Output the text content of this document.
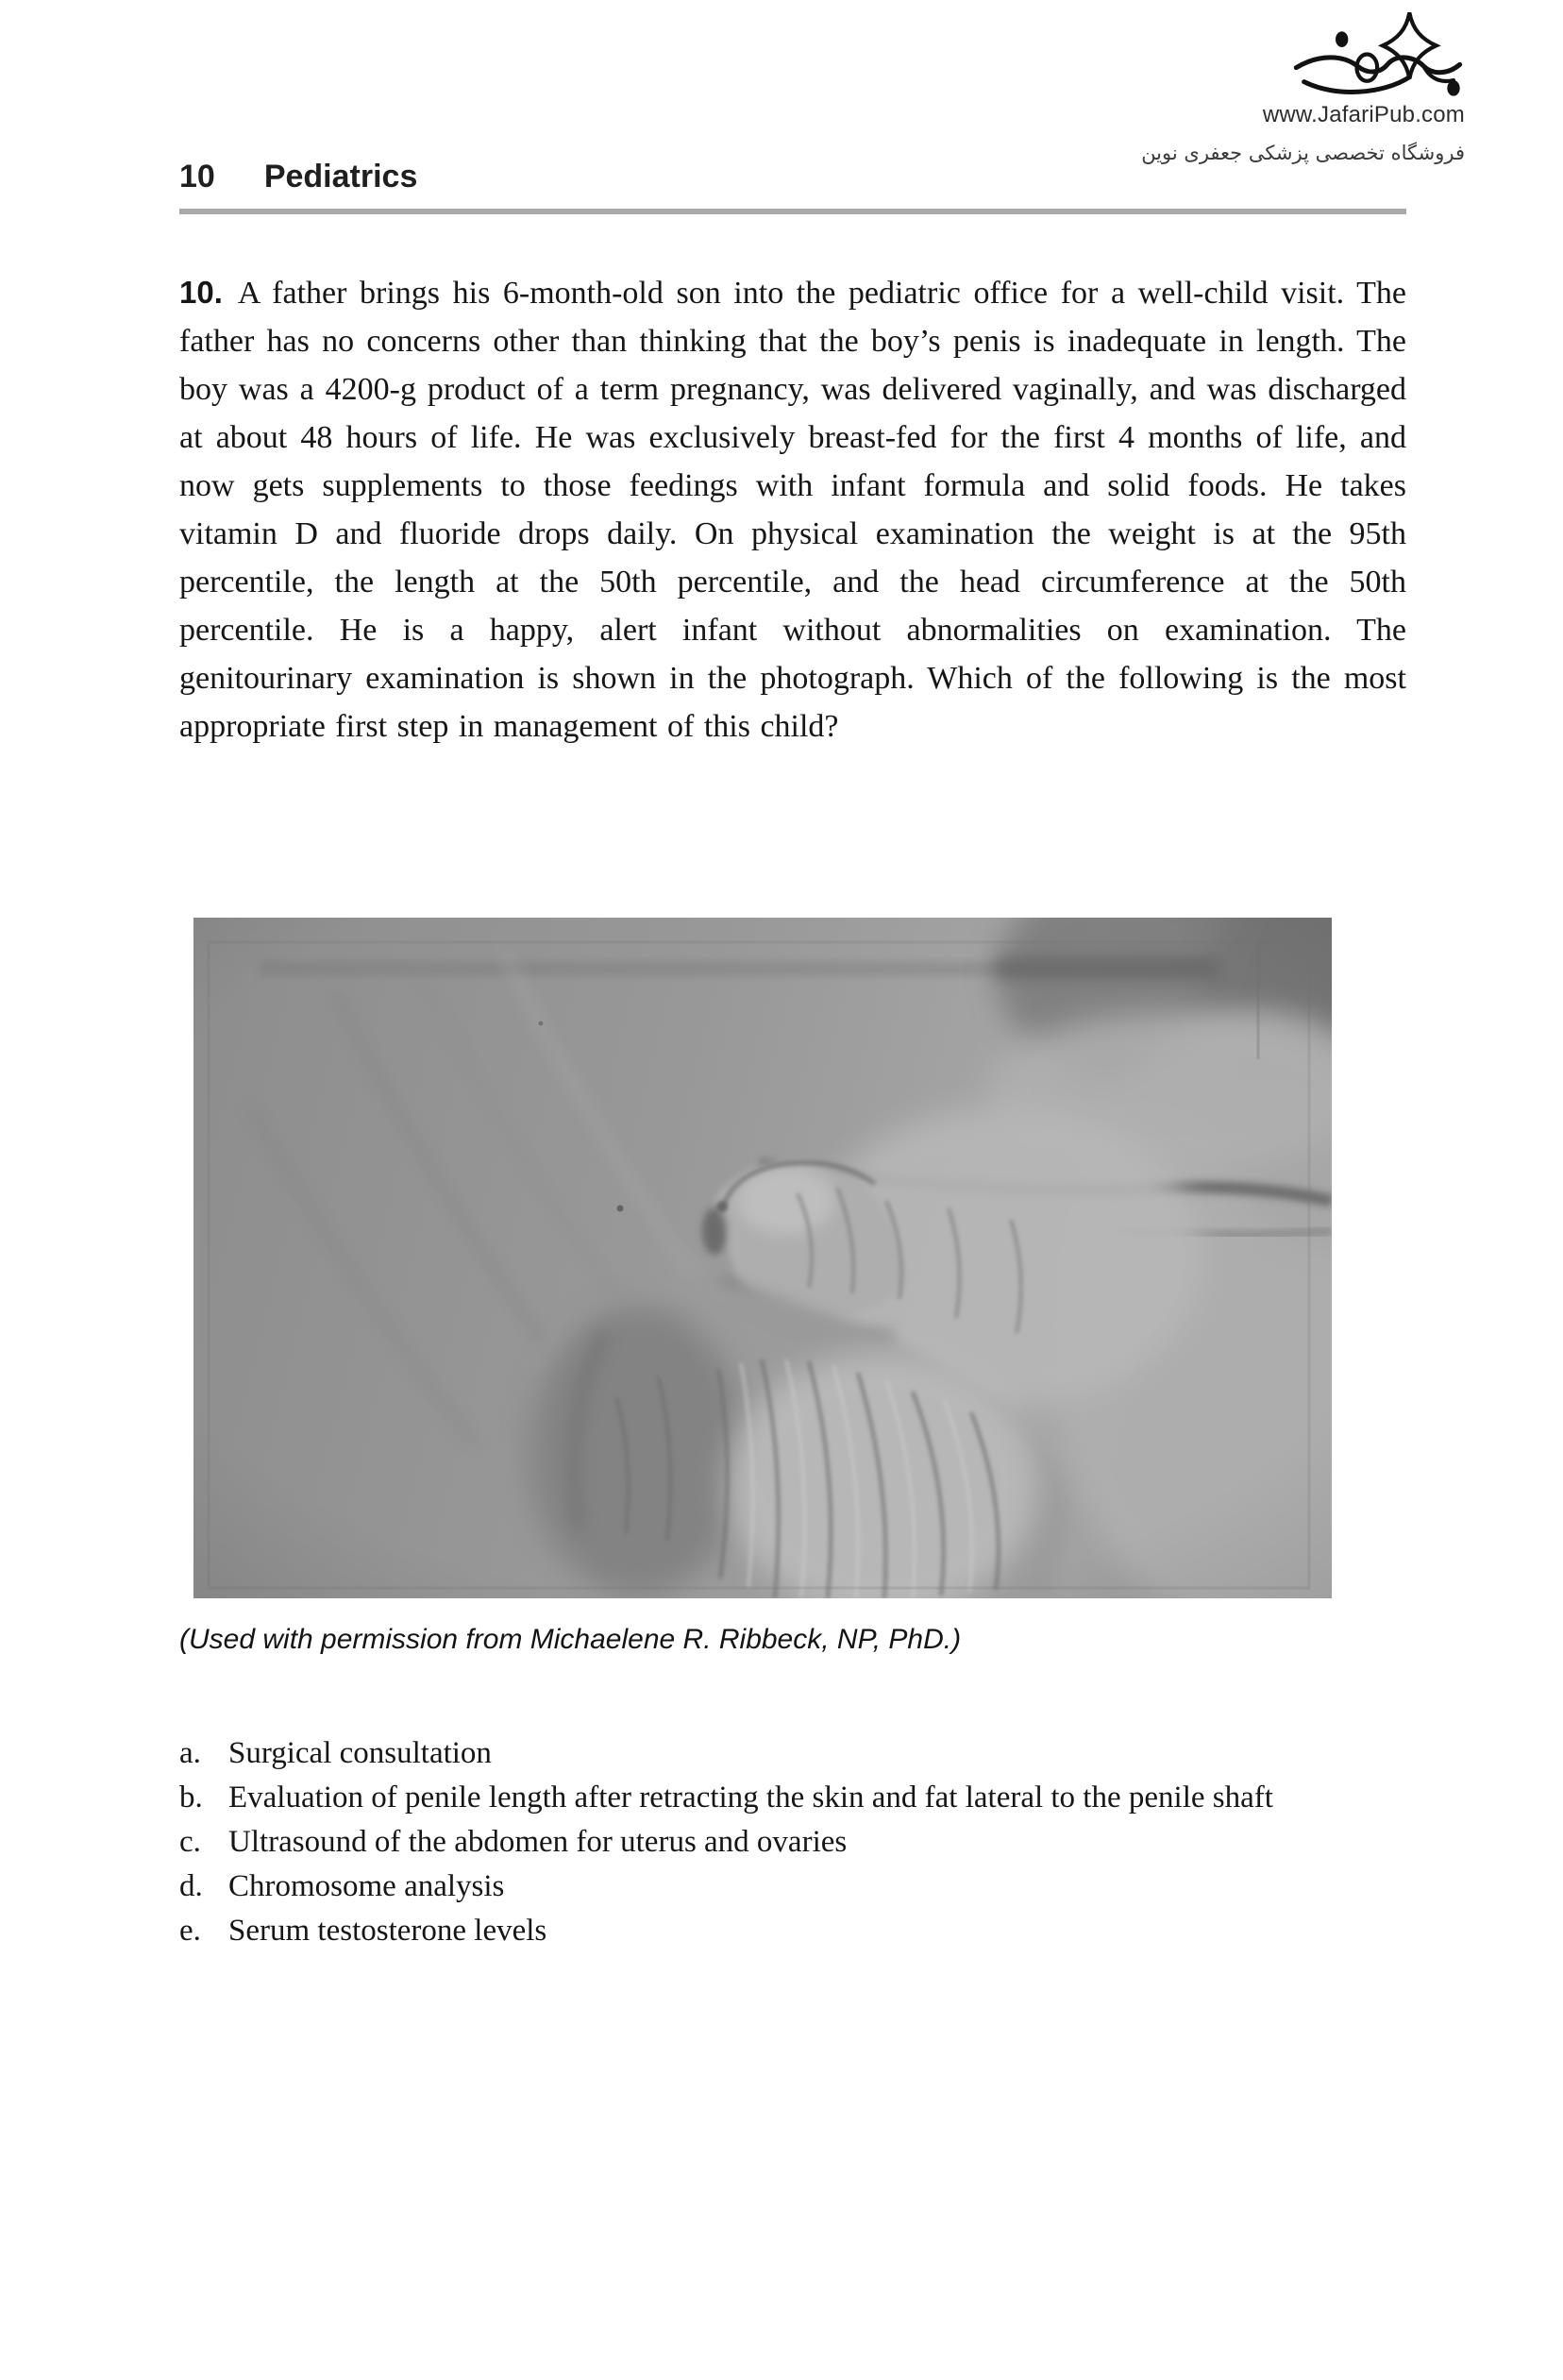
www.JafariPub.com
فروشگاه تخصصی پزشکی جعفری نوین
10 Pediatrics

10. A father brings his 6-month-old son into the pediatric office for a well-child visit. The father has no concerns other than thinking that the boy’s penis is inadequate in length. The boy was a 4200-g product of a term pregnancy, was delivered vaginally, and was discharged at about 48 hours of life. He was exclusively breast-fed for the first 4 months of life, and now gets supplements to those feedings with infant formula and solid foods. He takes vitamin D and fluoride drops daily. On physical examination the weight is at the 95th percentile, the length at the 50th percentile, and the head circumference at the 50th percentile. He is a happy, alert infant without abnormalities on examination. The genitourinary examination is shown in the photograph. Which of the following is the most appropriate first step in management of this child?

(Used with permission from Michaelene R. Ribbeck, NP, PhD.)

a. Surgical consultation
b. Evaluation of penile length after retracting the skin and fat lateral to the penile shaft
c. Ultrasound of the abdomen for uterus and ovaries
d. Chromosome analysis
e. Serum testosterone levels
